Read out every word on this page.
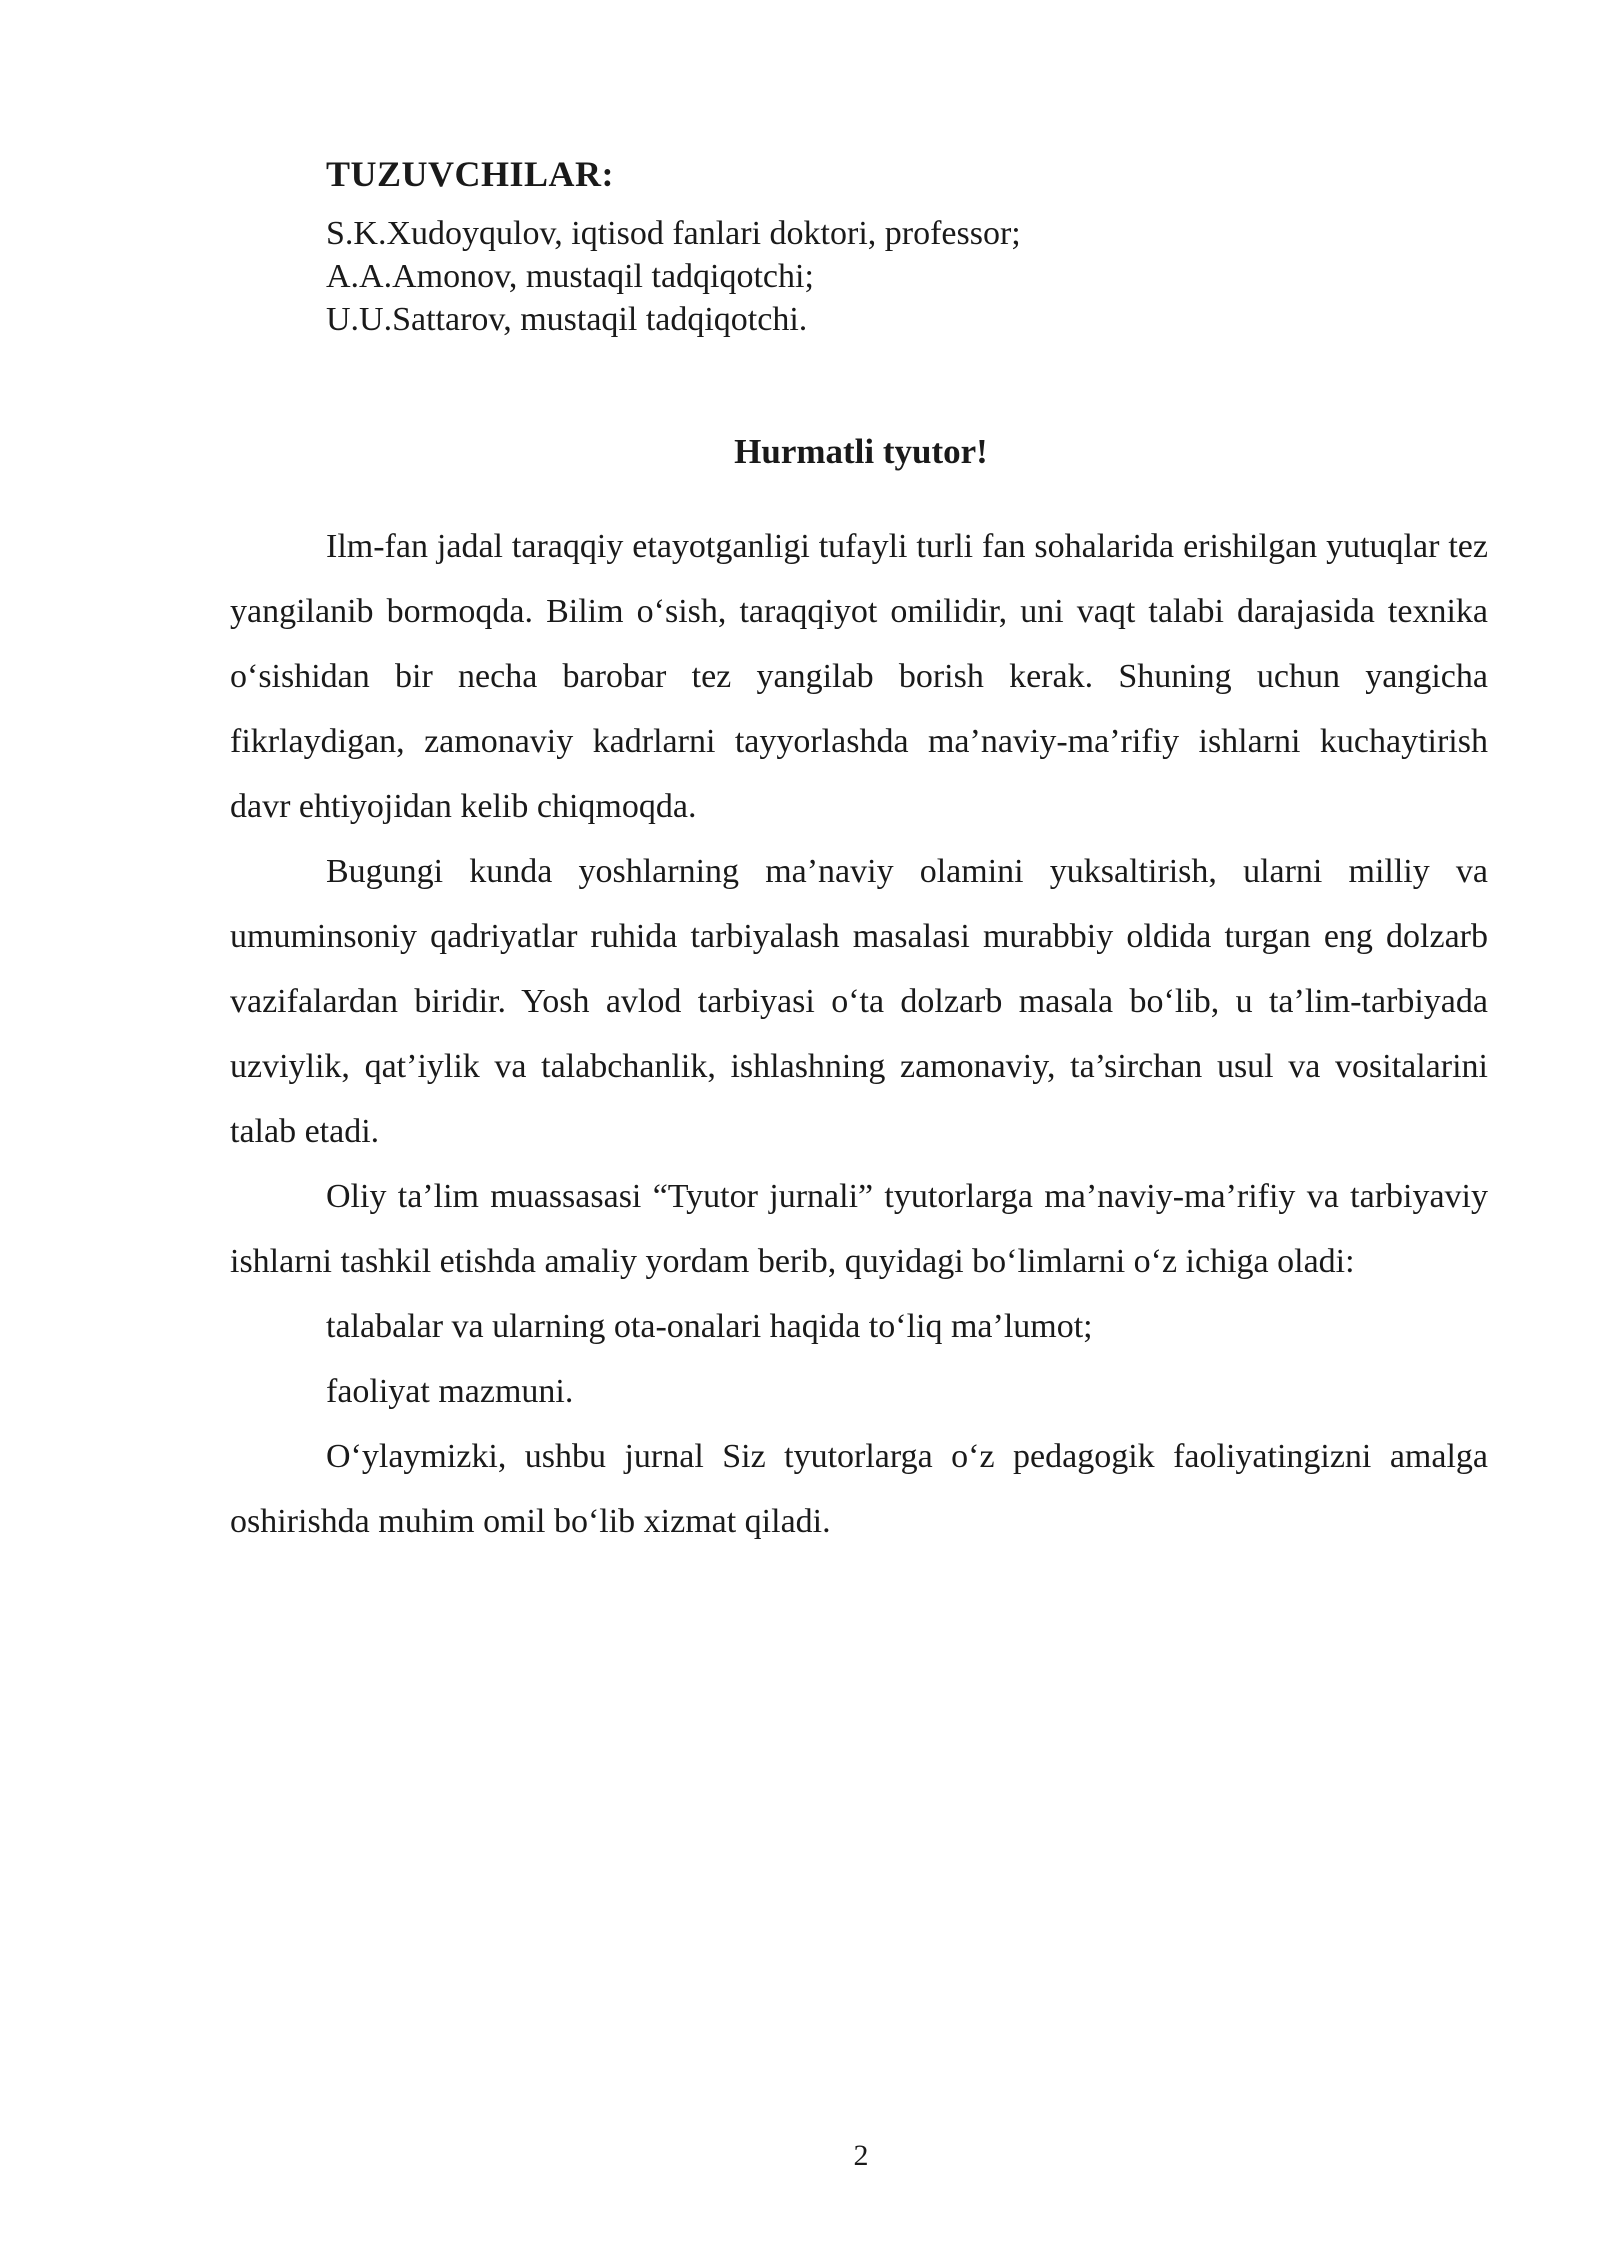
TUZUVCHILAR:

S.K.Xudoyqulov, iqtisod fanlari doktori, professor;

A.A.Amonov, mustaqil tadqiqotchi;

U.U.Sattarov, mustaqil tadqiqotchi.

Hurmatli tyutor!

Ilm-fan jadal taraqqiy etayotganligi tufayli turli fan sohalarida erishilgan yutuqlar tez yangilanib bormoqda. Bilim o‘sish, taraqqiyot omilidir, uni vaqt talabi darajasida texnika o‘sishidan bir necha barobar tez yangilab borish kerak. Shuning uchun yangicha fikrlaydigan, zamonaviy kadrlarni tayyorlashda ma’naviy-ma’rifiy ishlarni kuchaytirish davr ehtiyojidan kelib chiqmoqda.

Bugungi kunda yoshlarning ma’naviy olamini yuksaltirish, ularni milliy va umuminsoniy qadriyatlar ruhida tarbiyalash masalasi murabbiy oldida turgan eng dolzarb vazifalardan biridir. Yosh avlod tarbiyasi o‘ta dolzarb masala bo‘lib, u ta’lim-tarbiyada uzviylik, qat’iylik va talabchanlik, ishlashning zamonaviy, ta’sirchan usul va vositalarini talab etadi.

Oliy ta’lim muassasasi “Tyutor jurnali” tyutorlarga ma’naviy-ma’rifiy va tarbiyaviy ishlarni tashkil etishda amaliy yordam berib, quyidagi bo‘limlarni o‘z ichiga oladi:

talabalar va ularning ota-onalari haqida to‘liq ma’lumot;

faoliyat mazmuni.

O‘ylaymizki, ushbu jurnal Siz tyutorlarga o‘z pedagogik faoliyatingizni amalga oshirishda muhim omil bo‘lib xizmat qiladi.

2
